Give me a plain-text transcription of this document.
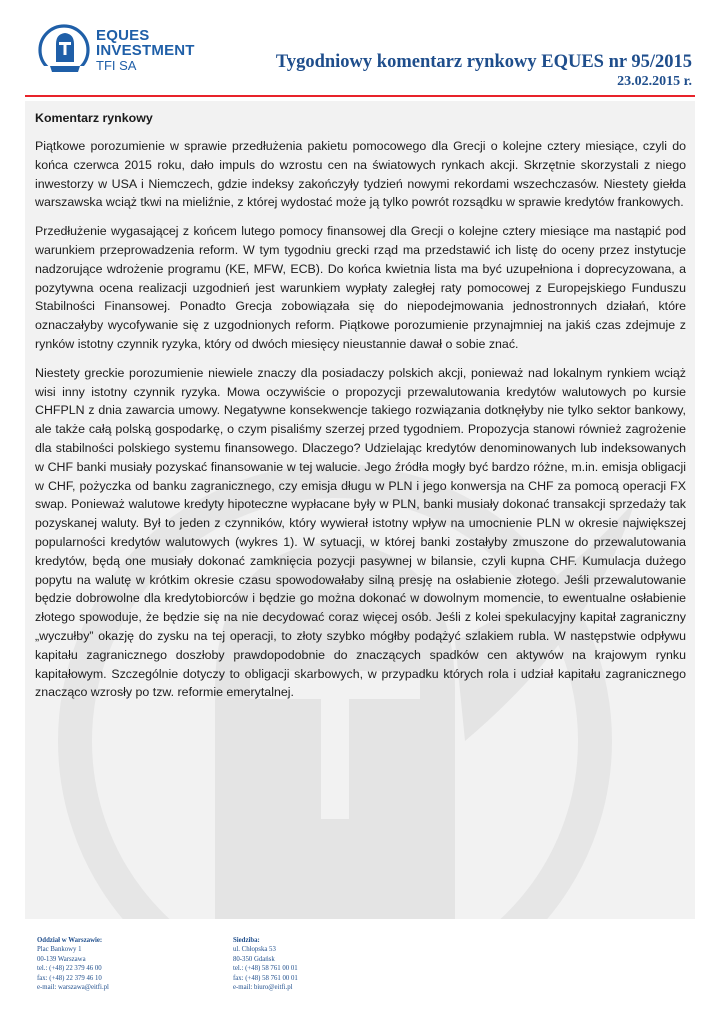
EQUES
INVESTMENT
TFI SA	Tygodniowy komentarz rynkowy EQUES nr 95/2015
23.02.2015 r.
Komentarz rynkowy

Piątkowe porozumienie w sprawie przedłużenia pakietu pomocowego dla Grecji o kolejne cztery miesiące, czyli do końca czerwca 2015 roku, dało impuls do wzrostu cen na światowych rynkach akcji. Skrzętnie skorzystali z niego inwestorzy w USA i Niemczech, gdzie indeksy zakończyły tydzień nowymi rekordami wszechczasów. Niestety giełda warszawska wciąż tkwi na mieliźnie, z której wydostać może ją tylko powrót rozsądku w sprawie kredytów frankowych.

Przedłużenie wygasającej z końcem lutego pomocy finansowej dla Grecji o kolejne cztery miesiące ma nastąpić pod warunkiem przeprowadzenia reform. W tym tygodniu grecki rząd ma przedstawić ich listę do oceny przez instytucje nadzorujące wdrożenie programu (KE, MFW, ECB). Do końca kwietnia lista ma być uzupełniona i doprecyzowana, a pozytywna ocena realizacji uzgodnień jest warunkiem wypłaty zaległej raty pomocowej z Europejskiego Funduszu Stabilności Finansowej. Ponadto Grecja zobowiązała się do niepodejmowania jednostronnych działań, które oznaczałyby wycofywanie się z uzgodnionych reform. Piątkowe porozumienie przynajmniej na jakiś czas zdejmuje z rynków istotny czynnik ryzyka, który od dwóch miesięcy nieustannie dawał o sobie znać.

Niestety greckie porozumienie niewiele znaczy dla posiadaczy polskich akcji, ponieważ nad lokalnym rynkiem wciąż wisi inny istotny czynnik ryzyka. Mowa oczywiście o propozycji przewalutowania kredytów walutowych po kursie CHFPLN z dnia zawarcia umowy. Negatywne konsekwencje takiego rozwiązania dotknęłyby nie tylko sektor bankowy, ale także całą polską gospodarkę, o czym pisaliśmy szerzej przed tygodniem. Propozycja stanowi również zagrożenie dla stabilności polskiego systemu finansowego. Dlaczego? Udzielając kredytów denominowanych lub indeksowanych w CHF banki musiały pozyskać finansowanie w tej walucie. Jego źródła mogły być bardzo różne, m.in. emisja obligacji w CHF, pożyczka od banku zagranicznego, czy emisja długu w PLN i jego konwersja na CHF za pomocą operacji FX swap. Ponieważ walutowe kredyty hipoteczne wypłacane były w PLN, banki musiały dokonać transakcji sprzedaży tak pozyskanej waluty. Był to jeden z czynników, który wywierał istotny wpływ na umocnienie PLN w okresie największej popularności kredytów walutowych (wykres 1). W sytuacji, w której banki zostałyby zmuszone do przewalutowania kredytów, będą one musiały dokonać zamknięcia pozycji pasywnej w bilansie, czyli kupna CHF. Kumulacja dużego popytu na walutę w krótkim okresie czasu spowodowałaby silną presję na osłabienie złotego. Jeśli przewalutowanie będzie dobrowolne dla kredytobiorców i będzie go można dokonać w dowolnym momencie, to ewentualne osłabienie złotego spowoduje, że będzie się na nie decydować coraz więcej osób. Jeśli z kolei spekulacyjny kapitał zagraniczny „wyczułby” okazję do zysku na tej operacji, to złoty szybko mógłby podążyć szlakiem rubla. W następstwie odpływu kapitału zagranicznego doszłoby prawdopodobnie do znaczących spadków cen aktywów na krajowym rynku kapitałowym. Szczególnie dotyczy to obligacji skarbowych, w przypadku których rola i udział kapitału zagranicznego znacząco wzrosły po tzw. reformie emerytalnej.

Oddział w Warszawie:
Plac Bankowy 1
00-139 Warszawa
tel.: (+48) 22 379 46 00
fax: (+48) 22 379 46 10
e-mail: warszawa@eitfi.pl
Siedziba:
ul. Chłopska 53
80-350 Gdańsk
tel.: (+48) 58 761 00 01
fax: (+48) 58 761 00 01
e-mail: biuro@eitfi.pl
